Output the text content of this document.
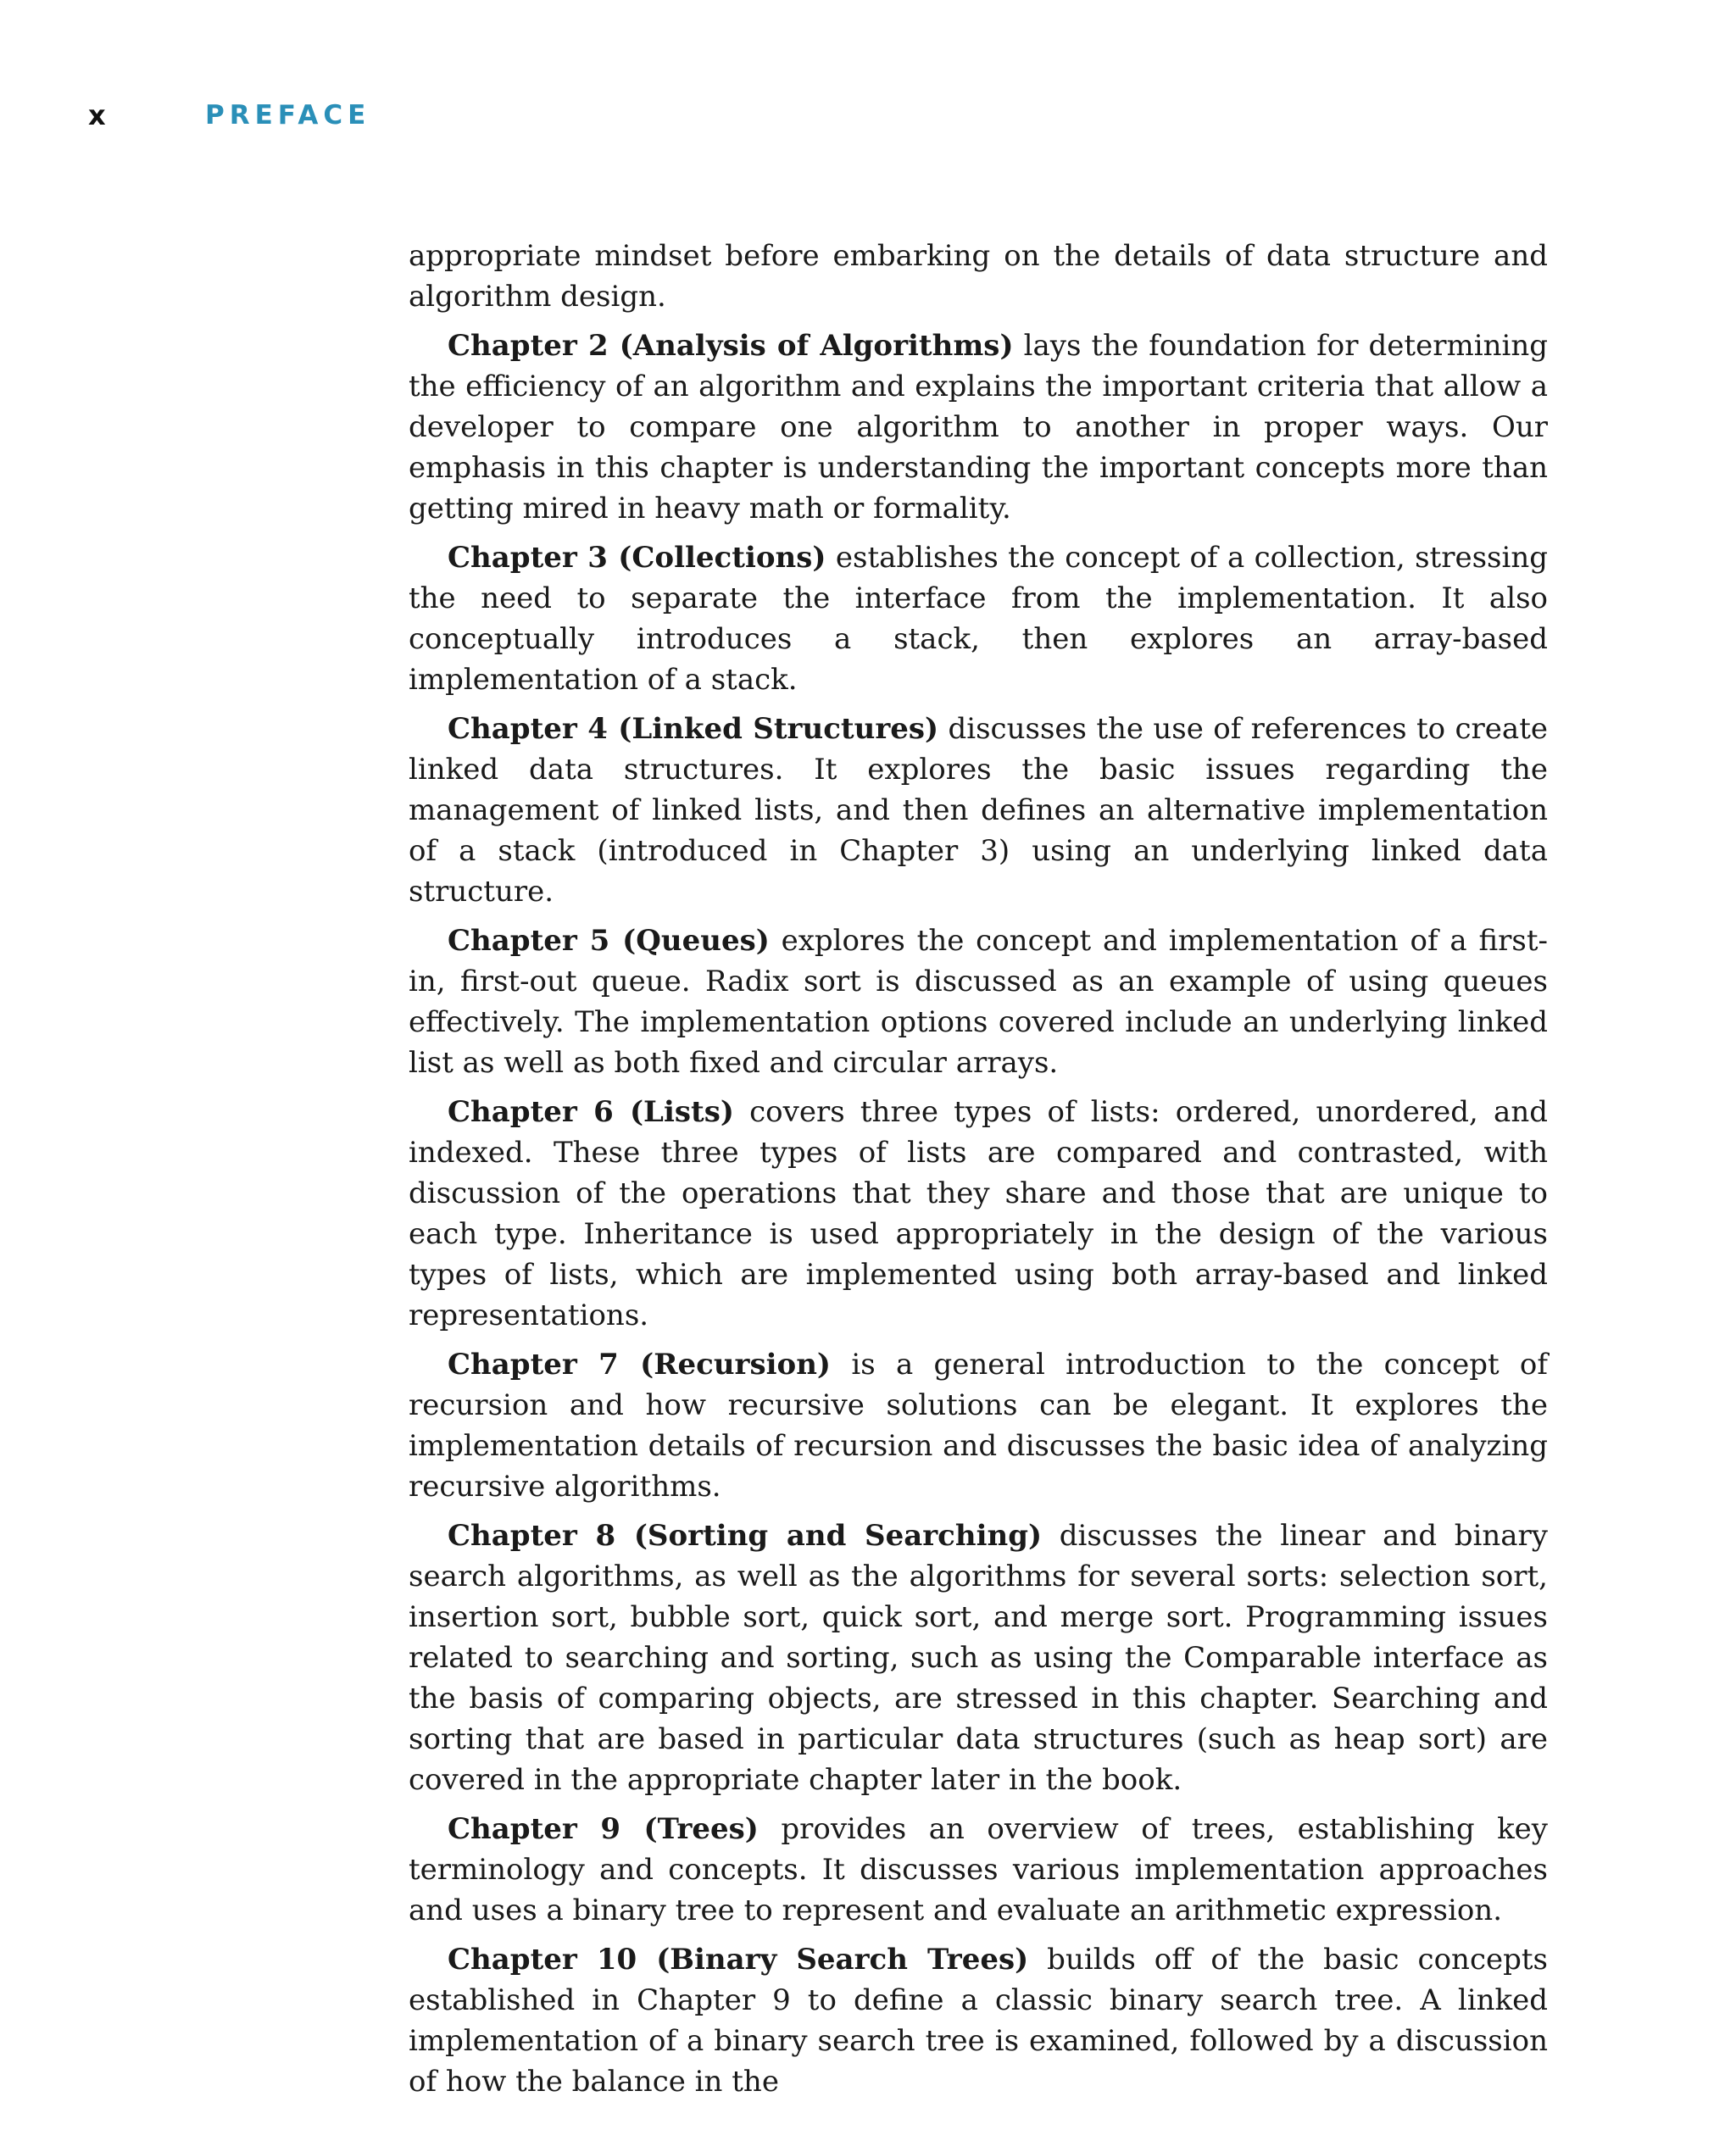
x	PREFACE

appropriate mindset before embarking on the details of data structure and algorithm design.

Chapter 2 (Analysis of Algorithms) lays the foundation for determining the efficiency of an algorithm and explains the important criteria that allow a developer to compare one algorithm to another in proper ways. Our emphasis in this chapter is understanding the important concepts more than getting mired in heavy math or formality.

Chapter 3 (Collections) establishes the concept of a collection, stressing the need to separate the interface from the implementation. It also conceptually introduces a stack, then explores an array-based implementation of a stack.

Chapter 4 (Linked Structures) discusses the use of references to create linked data structures. It explores the basic issues regarding the management of linked lists, and then defines an alternative implementation of a stack (introduced in Chapter 3) using an underlying linked data structure.

Chapter 5 (Queues) explores the concept and implementation of a first-in, first-out queue. Radix sort is discussed as an example of using queues effectively. The implementation options covered include an underlying linked list as well as both fixed and circular arrays.

Chapter 6 (Lists) covers three types of lists: ordered, unordered, and indexed. These three types of lists are compared and contrasted, with discussion of the operations that they share and those that are unique to each type. Inheritance is used appropriately in the design of the various types of lists, which are implemented using both array-based and linked representations.

Chapter 7 (Recursion) is a general introduction to the concept of recursion and how recursive solutions can be elegant. It explores the implementation details of recursion and discusses the basic idea of analyzing recursive algorithms.

Chapter 8 (Sorting and Searching) discusses the linear and binary search algorithms, as well as the algorithms for several sorts: selection sort, insertion sort, bubble sort, quick sort, and merge sort. Programming issues related to searching and sorting, such as using the Comparable interface as the basis of comparing objects, are stressed in this chapter. Searching and sorting that are based in particular data structures (such as heap sort) are covered in the appropriate chapter later in the book.

Chapter 9 (Trees) provides an overview of trees, establishing key terminology and concepts. It discusses various implementation approaches and uses a binary tree to represent and evaluate an arithmetic expression.

Chapter 10 (Binary Search Trees) builds off of the basic concepts established in Chapter 9 to define a classic binary search tree. A linked implementation of a binary search tree is examined, followed by a discussion of how the balance in the
